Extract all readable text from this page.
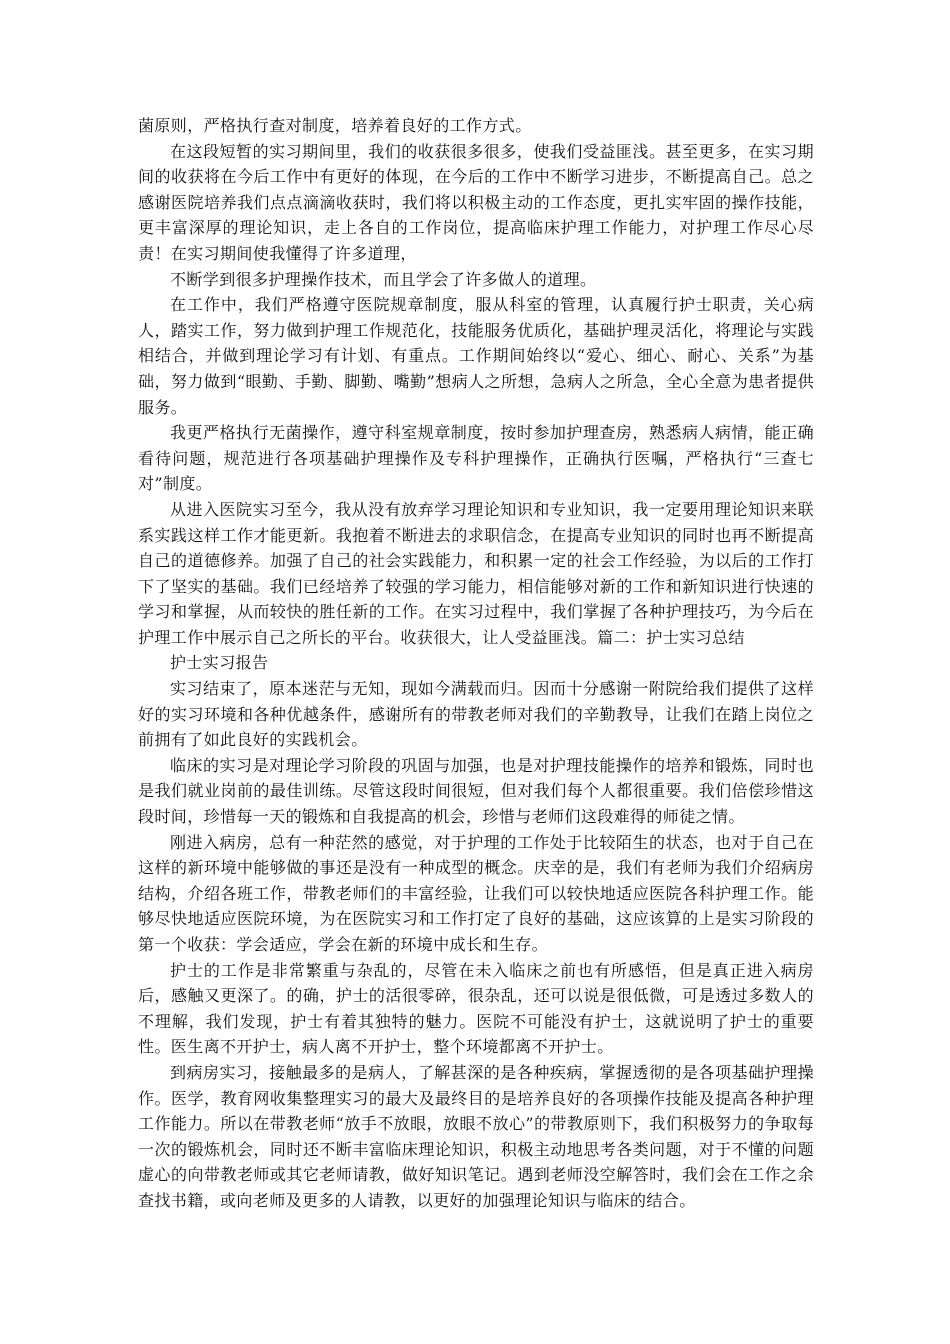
菌原则，严格执行查对制度，培养着良好的工作方式。

在这段短暂的实习期间里，我们的收获很多很多，使我们受益匪浅。甚至更多，在实习期间的收获将在今后工作中有更好的体现，在今后的工作中不断学习进步，不断提高自己。总之感谢医院培养我们点点滴滴收获时，我们将以积极主动的工作态度，更扎实牢固的操作技能，更丰富深厚的理论知识，走上各自的工作岗位，提高临床护理工作能力，对护理工作尽心尽责！在实习期间使我懂得了许多道理，

不断学到很多护理操作技术，而且学会了许多做人的道理。

在工作中，我们严格遵守医院规章制度，服从科室的管理，认真履行护士职责，关心病人，踏实工作，努力做到护理工作规范化，技能服务优质化，基础护理灵活化，将理论与实践相结合，并做到理论学习有计划、有重点。工作期间始终以“爱心、细心、耐心、关系”为基础，努力做到“眼勤、手勤、脚勤、嘴勤”想病人之所想，急病人之所急，全心全意为患者提供服务。

我更严格执行无菌操作，遵守科室规章制度，按时参加护理查房，熟悉病人病情，能正确看待问题，规范进行各项基础护理操作及专科护理操作，正确执行医嘱，严格执行“三查七对”制度。

从进入医院实习至今，我从没有放弃学习理论知识和专业知识，我一定要用理论知识来联系实践这样工作才能更新。我抱着不断进去的求职信念，在提高专业知识的同时也再不断提高自己的道德修养。加强了自己的社会实践能力，和积累一定的社会工作经验，为以后的工作打下了坚实的基础。我们已经培养了较强的学习能力，相信能够对新的工作和新知识进行快速的学习和掌握，从而较快的胜任新的工作。在实习过程中，我们掌握了各种护理技巧，为今后在护理工作中展示自己之所长的平台。收获很大，让人受益匪浅。篇二：护士实习总结

护士实习报告

实习结束了，原本迷茫与无知，现如今满载而归。因而十分感谢一附院给我们提供了这样好的实习环境和各种优越条件，感谢所有的带教老师对我们的辛勤教导，让我们在踏上岗位之前拥有了如此良好的实践机会。

临床的实习是对理论学习阶段的巩固与加强，也是对护理技能操作的培养和锻炼，同时也是我们就业岗前的最佳训练。尽管这段时间很短，但对我们每个人都很重要。我们倍偿珍惜这段时间，珍惜每一天的锻炼和自我提高的机会，珍惜与老师们这段难得的师徒之情。

刚进入病房，总有一种茫然的感觉，对于护理的工作处于比较陌生的状态，也对于自己在这样的新环境中能够做的事还是没有一种成型的概念。庆幸的是，我们有老师为我们介绍病房结构，介绍各班工作，带教老师们的丰富经验，让我们可以较快地适应医院各科护理工作。能够尽快地适应医院环境，为在医院实习和工作打定了良好的基础，这应该算的上是实习阶段的第一个收获：学会适应，学会在新的环境中成长和生存。

护士的工作是非常繁重与杂乱的，尽管在未入临床之前也有所感悟，但是真正进入病房后，感触又更深了。的确，护士的活很零碎，很杂乱，还可以说是很低微，可是透过多数人的不理解，我们发现，护士有着其独特的魅力。医院不可能没有护士，这就说明了护士的重要性。医生离不开护士，病人离不开护士，整个环境都离不开护士。

到病房实习，接触最多的是病人，了解甚深的是各种疾病，掌握透彻的是各项基础护理操作。医学，教育网收集整理实习的最大及最终目的是培养良好的各项操作技能及提高各种护理工作能力。所以在带教老师“放手不放眼，放眼不放心”的带教原则下，我们积极努力的争取每一次的锻炼机会，同时还不断丰富临床理论知识，积极主动地思考各类问题，对于不懂的问题虚心的向带教老师或其它老师请教，做好知识笔记。遇到老师没空解答时，我们会在工作之余查找书籍，或向老师及更多的人请教，以更好的加强理论知识与临床的结合。
